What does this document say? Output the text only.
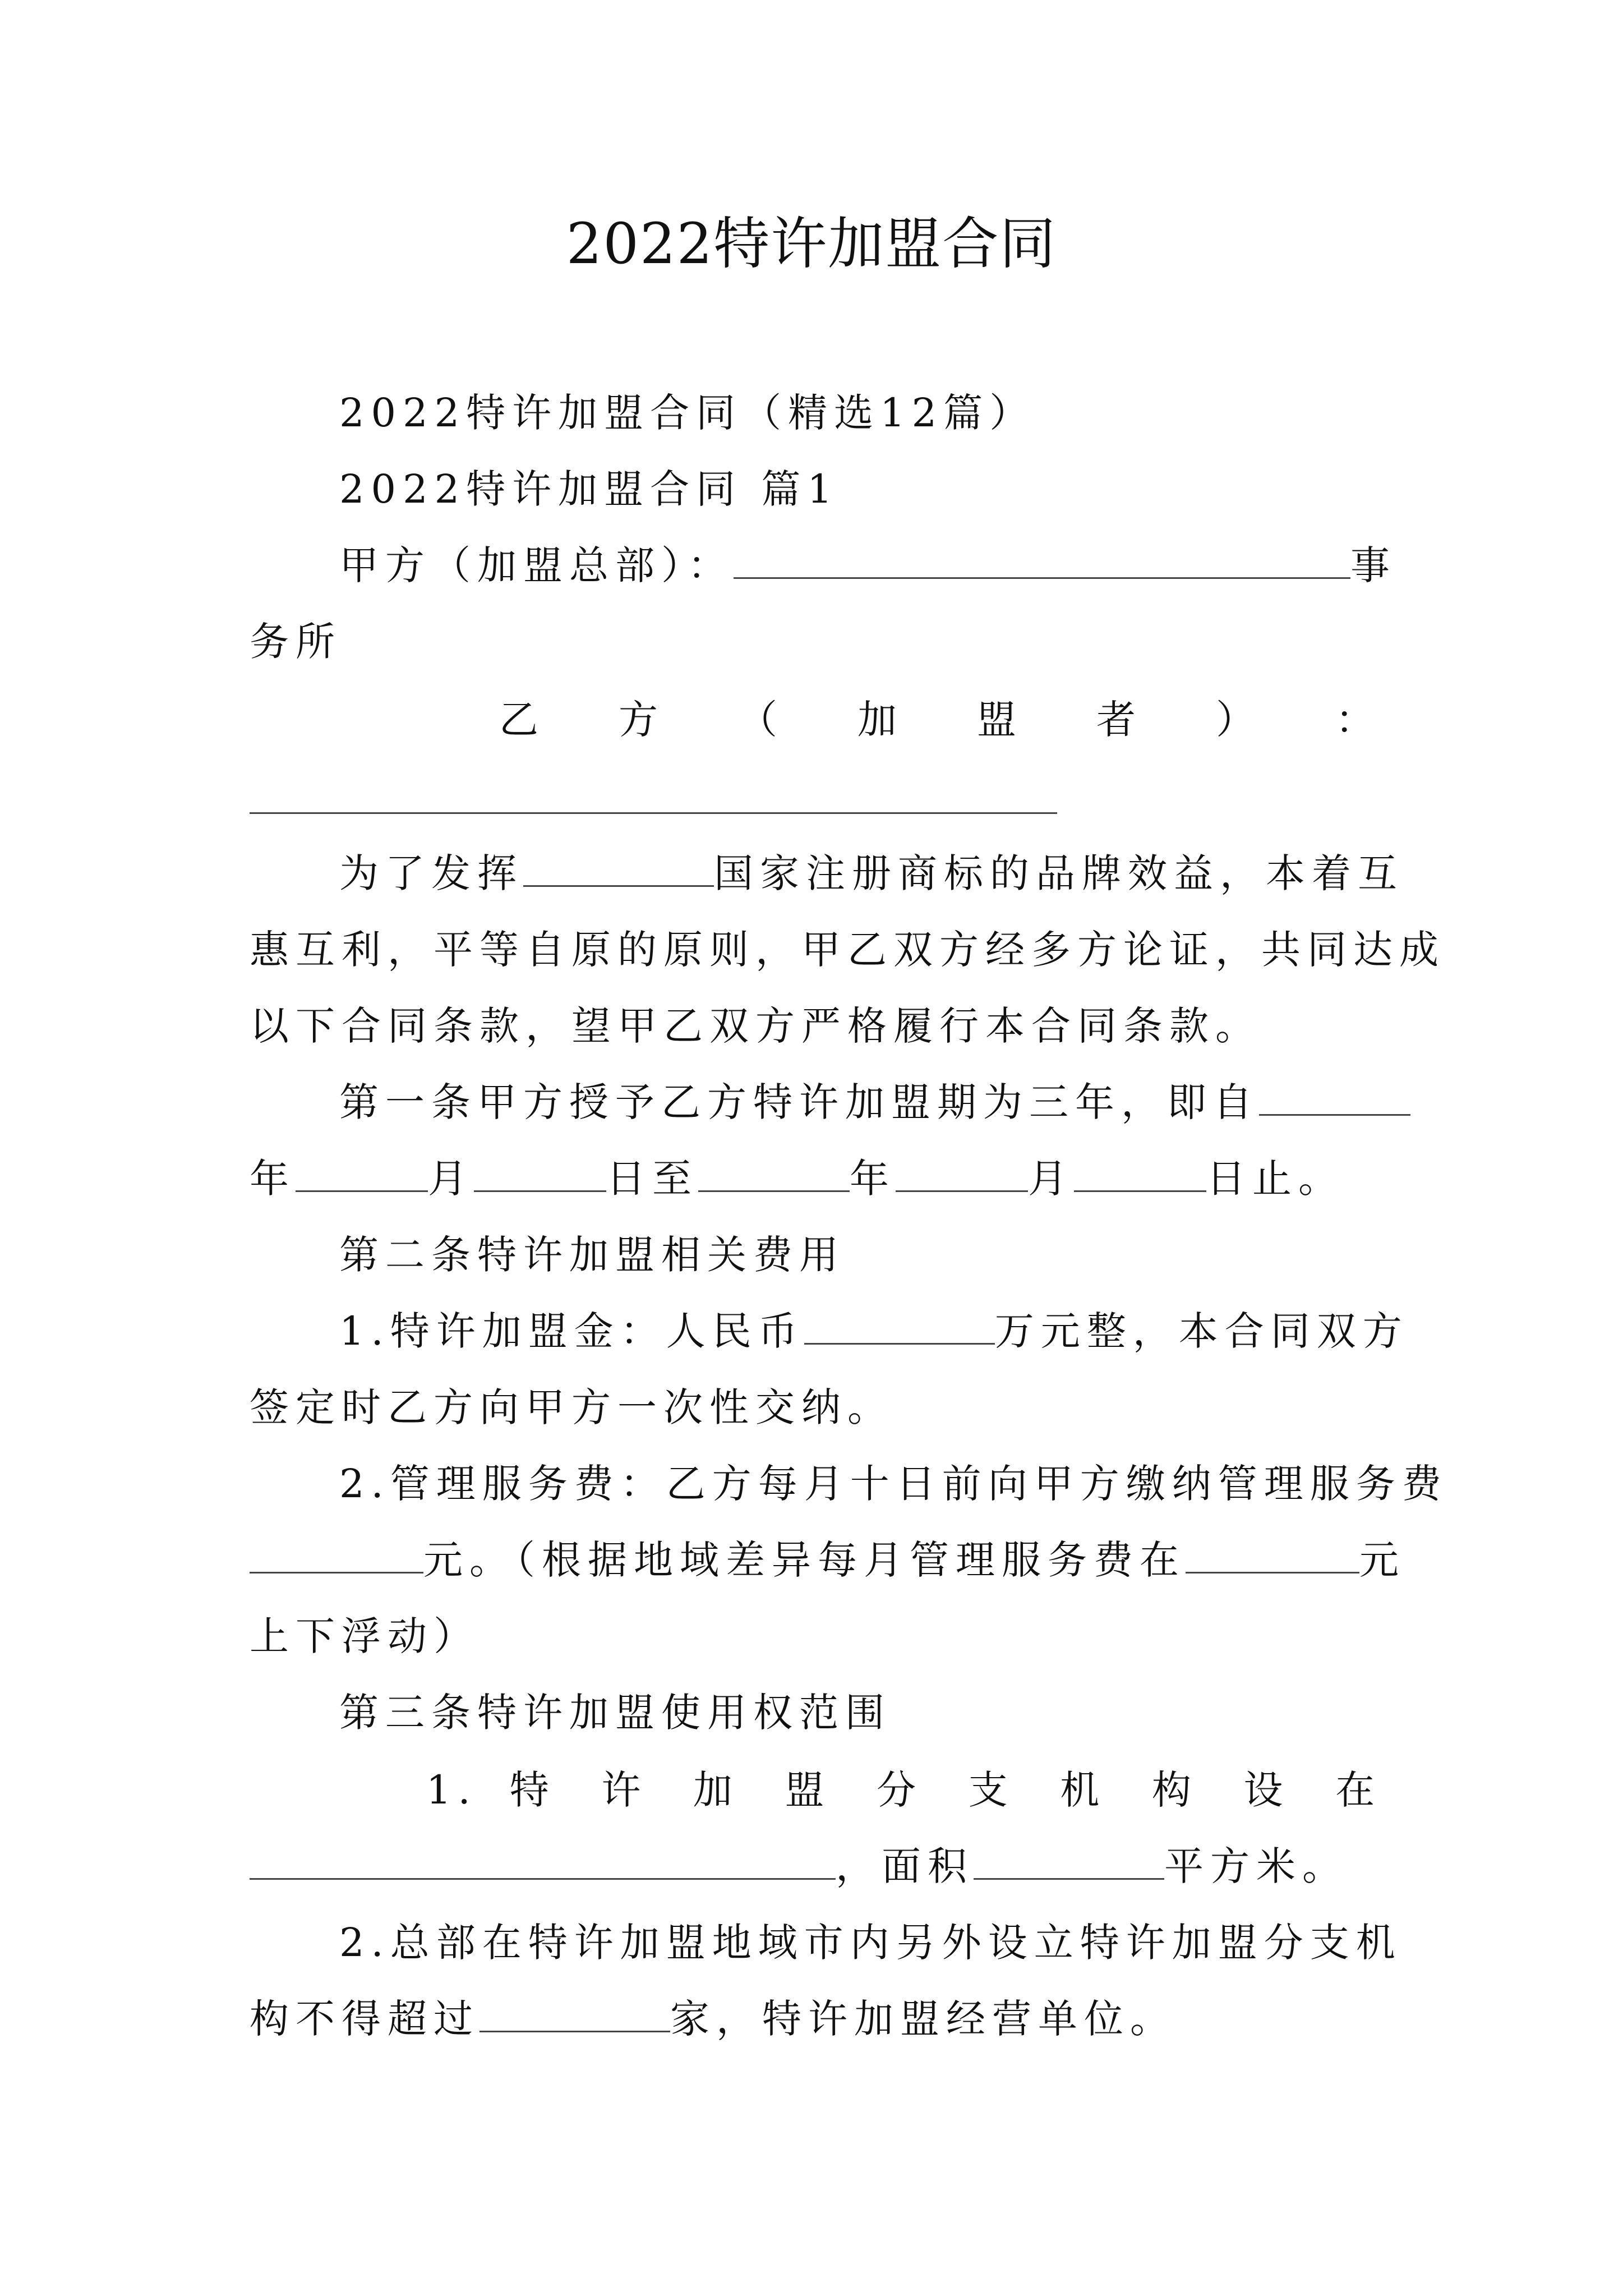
2022特许加盟合同
2022特许加盟合同（精选12篇）
2022特许加盟合同 篇1
甲方（加盟总部）：	事
务所
乙 方 （ 加 盟 者 ） ：
为了发挥	国家注册商标的品牌效益，本着互
惠互利，平等自原的原则，甲乙双方经多方论证，共同达成
以下合同条款，望甲乙双方严格履行本合同条款。
第一条甲方授予乙方特许加盟期为三年，即自
年	月	日至	年	月	日止。
第二条特许加盟相关费用
1.特许加盟金：人民币	万元整，本合同双方
签定时乙方向甲方一次性交纳。
2.管理服务费：乙方每月十日前向甲方缴纳管理服务费
元。（根据地域差异每月管理服务费在	元
上下浮动）
第三条特许加盟使用权范围
1. 特 许 加 盟 分 支 机 构 设 在
，面积	平方米。
2.总部在特许加盟地域市内另外设立特许加盟分支机
构不得超过	家，特许加盟经营单位。
